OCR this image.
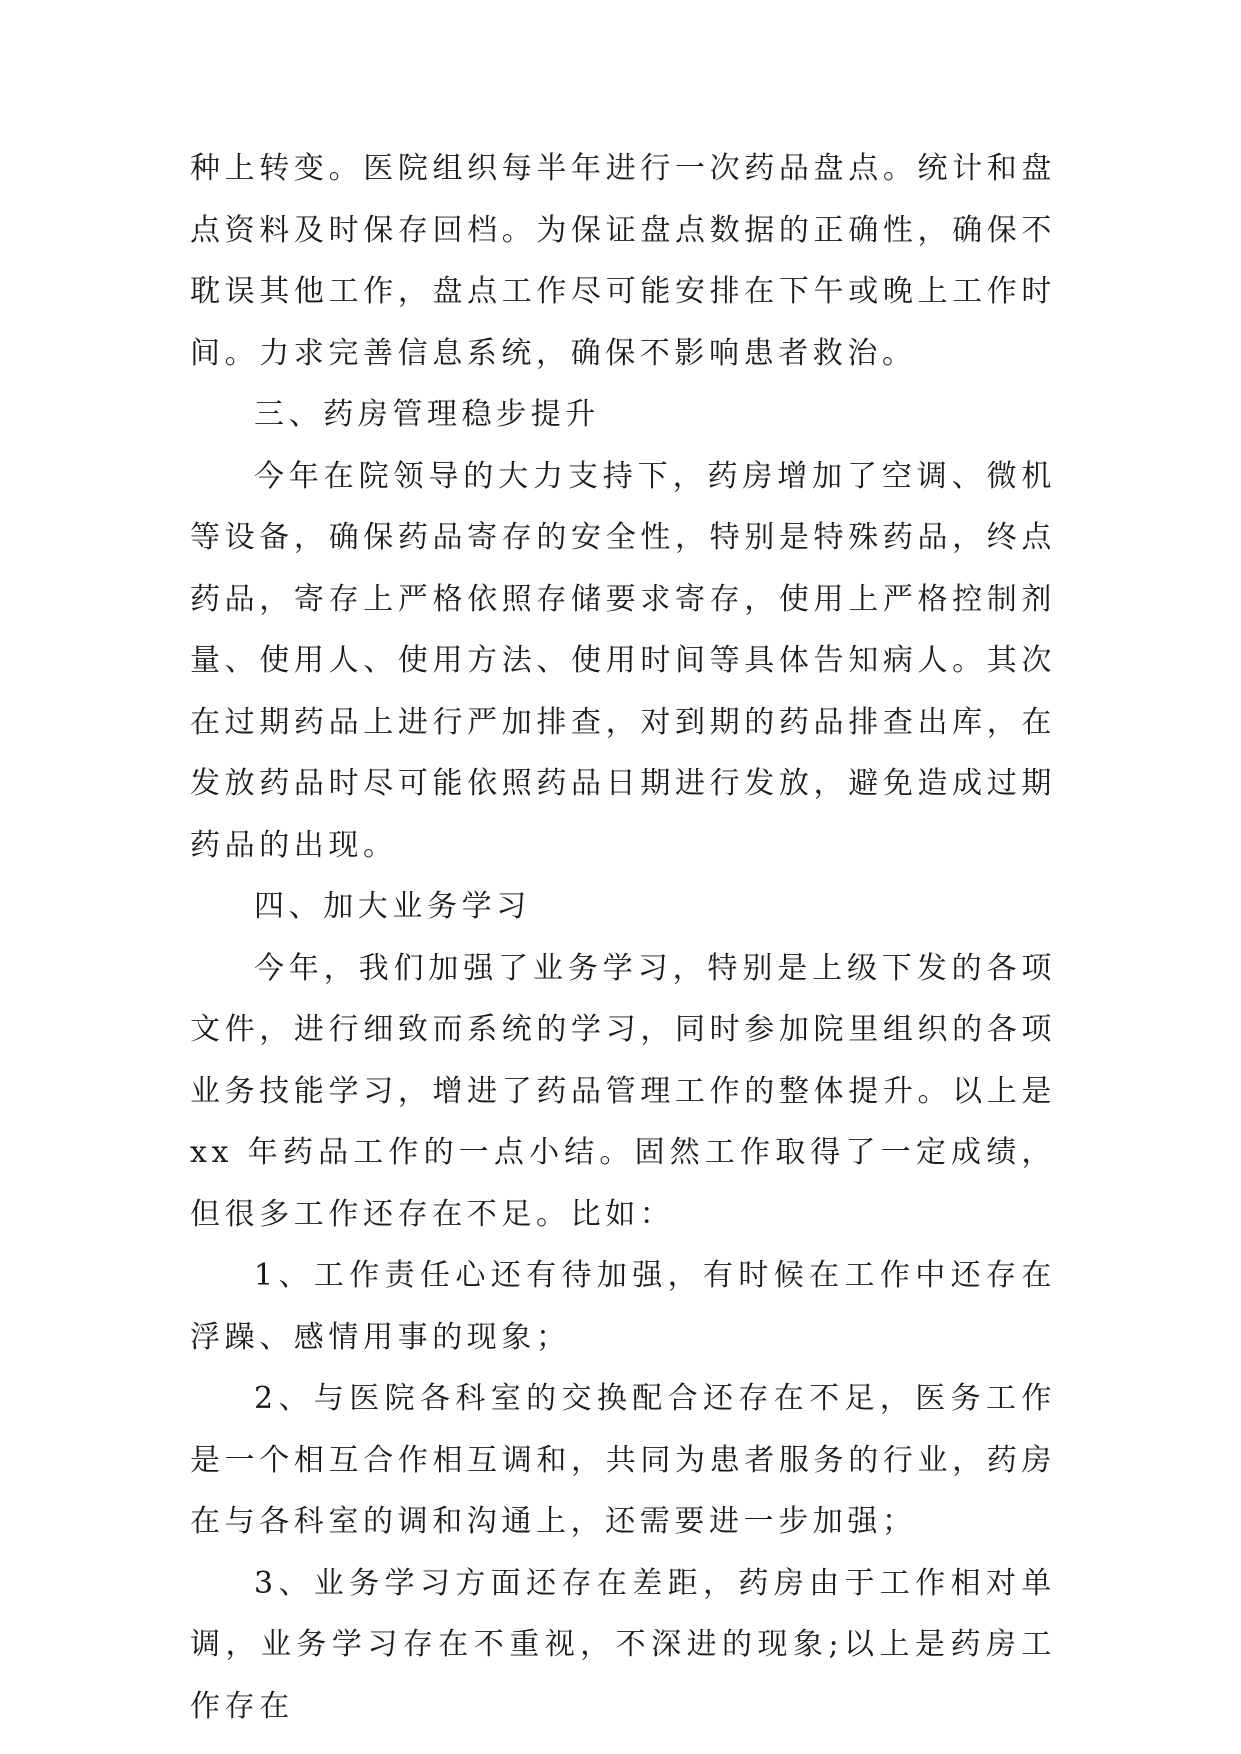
种上转变。医院组织每半年进行一次药品盘点。统计和盘点资料及时保存回档。为保证盘点数据的正确性，确保不耽误其他工作，盘点工作尽可能安排在下午或晚上工作时间。力求完善信息系统，确保不影响患者救治。

三、药房管理稳步提升

今年在院领导的大力支持下，药房增加了空调、微机等设备，确保药品寄存的安全性，特别是特殊药品，终点药品，寄存上严格依照存储要求寄存，使用上严格控制剂量、使用人、使用方法、使用时间等具体告知病人。其次在过期药品上进行严加排查，对到期的药品排查出库，在发放药品时尽可能依照药品日期进行发放，避免造成过期药品的出现。

四、加大业务学习

今年，我们加强了业务学习，特别是上级下发的各项文件，进行细致而系统的学习，同时参加院里组织的各项业务技能学习，增进了药品管理工作的整体提升。以上是 xx 年药品工作的一点小结。固然工作取得了一定成绩，但很多工作还存在不足。比如：

1、工作责任心还有待加强，有时候在工作中还存在浮躁、感情用事的现象；

2、与医院各科室的交换配合还存在不足，医务工作是一个相互合作相互调和，共同为患者服务的行业，药房在与各科室的调和沟通上，还需要进一步加强；

3、业务学习方面还存在差距，药房由于工作相对单调，业务学习存在不重视，不深进的现象;以上是药房工作存在
